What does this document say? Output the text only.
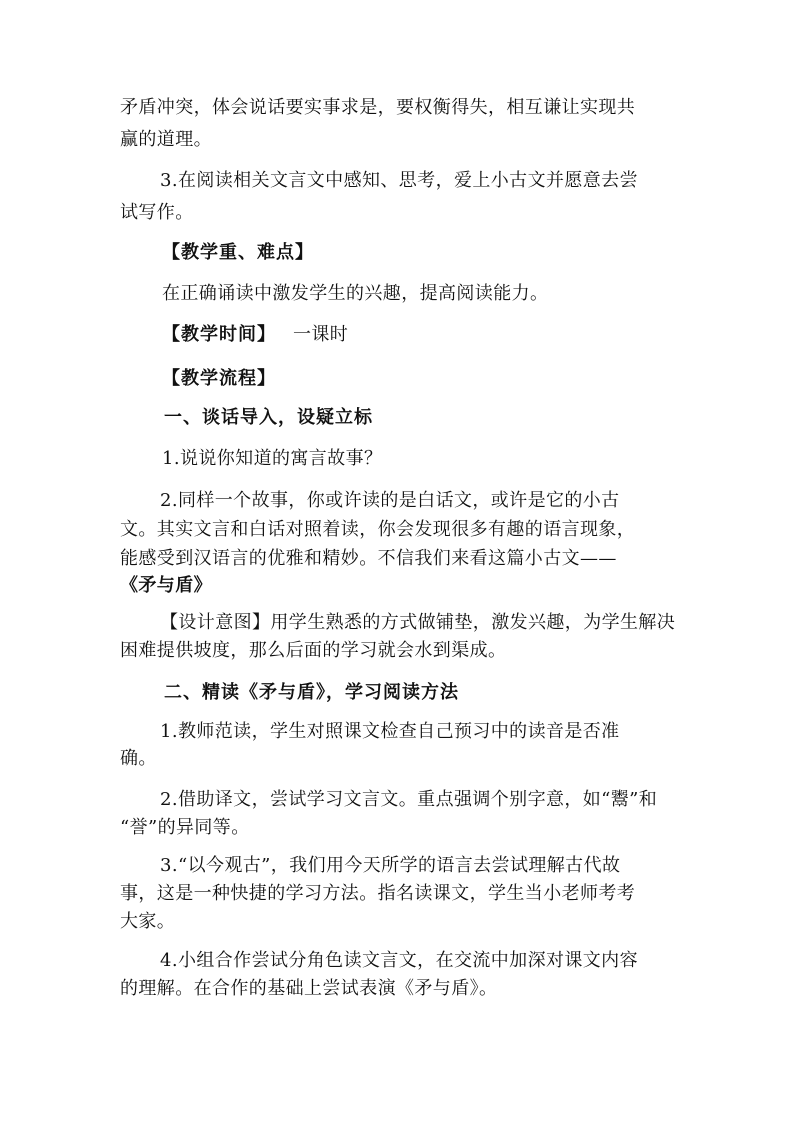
矛盾冲突，体会说话要实事求是，要权衡得失，相互谦让实现共
赢的道理。
3.在阅读相关文言文中感知、思考，爱上小古文并愿意去尝
试写作。
【教学重、难点】
在正确诵读中激发学生的兴趣，提高阅读能力。
【教学时间】 一课时
【教学流程】
一、谈话导入，设疑立标
1.说说你知道的寓言故事？
2.同样一个故事，你或许读的是白话文，或许是它的小古
文。其实文言和白话对照着读，你会发现很多有趣的语言现象，
能感受到汉语言的优雅和精妙。不信我们来看这篇小古文——
《矛与盾》
【设计意图】用学生熟悉的方式做铺垫，激发兴趣，为学生解决
困难提供坡度，那么后面的学习就会水到渠成。
二、精读《矛与盾》，学习阅读方法
1.教师范读，学生对照课文检查自己预习中的读音是否准
确。
2.借助译文，尝试学习文言文。重点强调个别字意，如“鬻”和
“誉”的异同等。
3.“以今观古”，我们用今天所学的语言去尝试理解古代故
事，这是一种快捷的学习方法。指名读课文，学生当小老师考考
大家。
4.小组合作尝试分角色读文言文，在交流中加深对课文内容
的理解。在合作的基础上尝试表演《矛与盾》。
